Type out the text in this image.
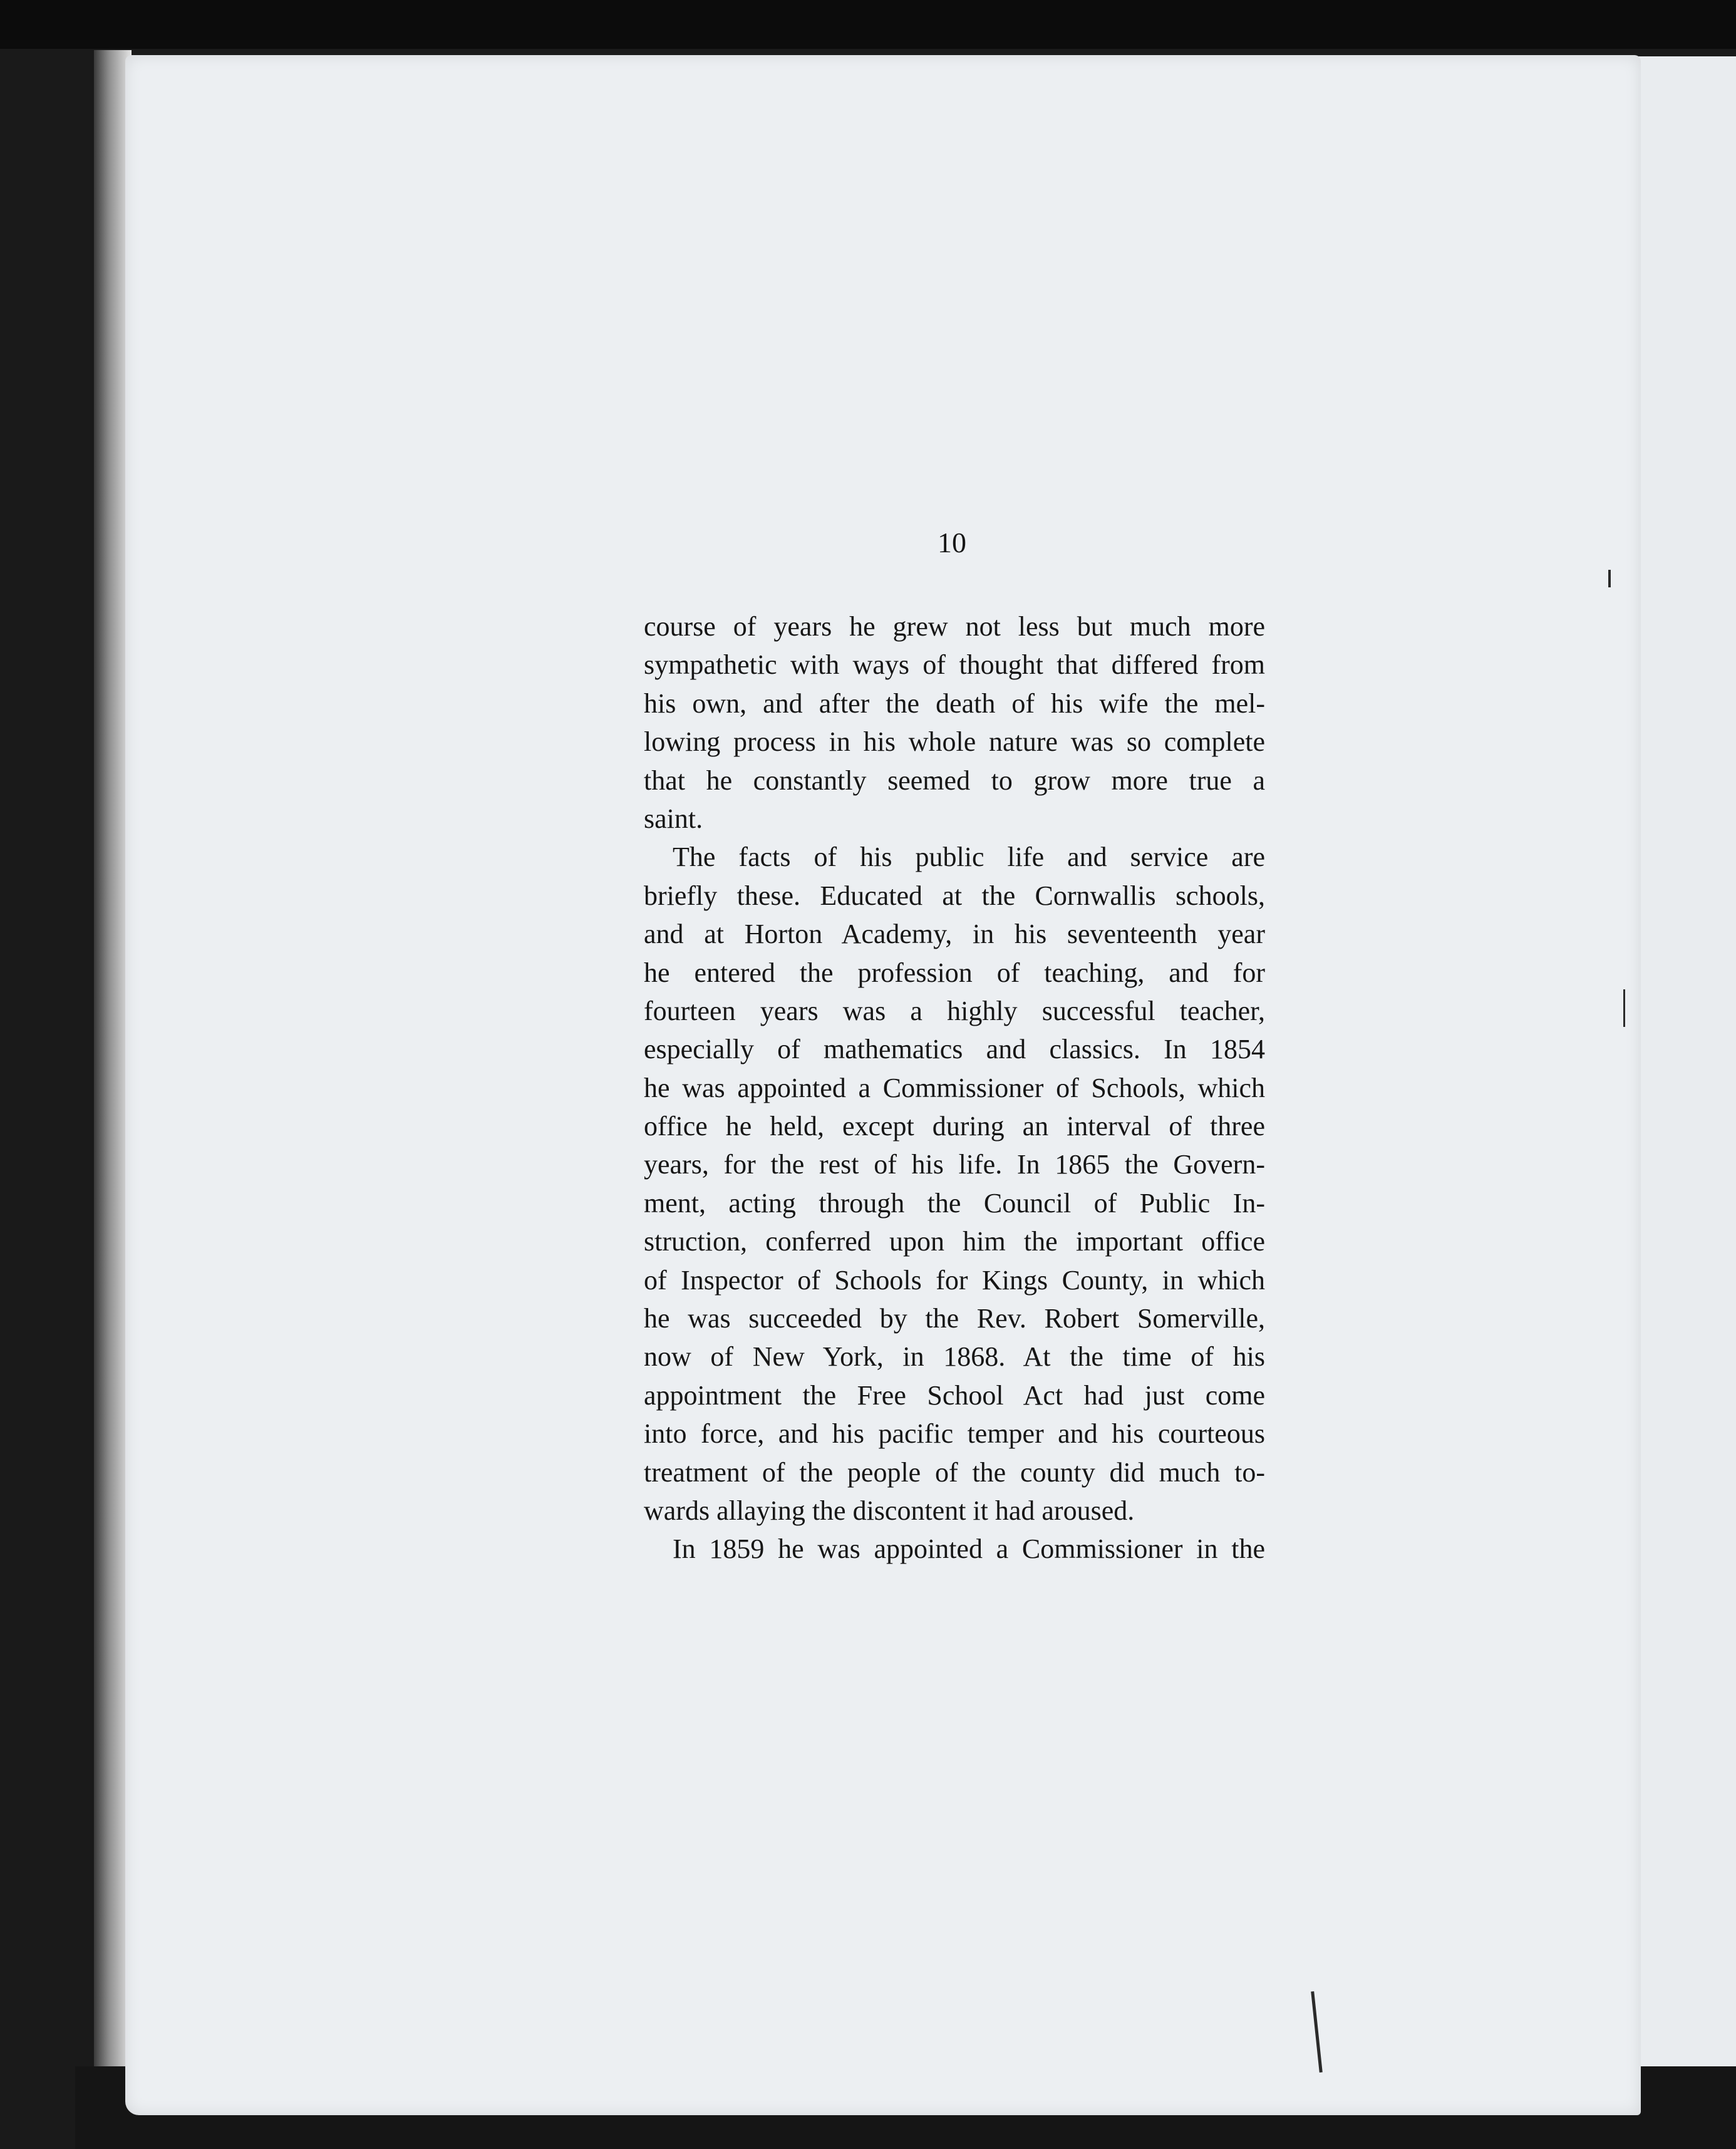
10
course of years he grew not less but much more
sympathetic with ways of thought that differed from
his own, and after the death of his wife the mel-
lowing process in his whole nature was so complete
that he constantly seemed to grow more true a
saint.
The facts of his public life and service are
briefly these. Educated at the Cornwallis schools,
and at Horton Academy, in his seventeenth year
he entered the profession of teaching, and for
fourteen years was a highly successful teacher,
especially of mathematics and classics. In 1854
he was appointed a Commissioner of Schools, which
office he held, except during an interval of three
years, for the rest of his life. In 1865 the Govern-
ment, acting through the Council of Public In-
struction, conferred upon him the important office
of Inspector of Schools for Kings County, in which
he was succeeded by the Rev. Robert Somerville,
now of New York, in 1868. At the time of his
appointment the Free School Act had just come
into force, and his pacific temper and his courteous
treatment of the people of the county did much to-
wards allaying the discontent it had aroused.
In 1859 he was appointed a Commissioner in the
